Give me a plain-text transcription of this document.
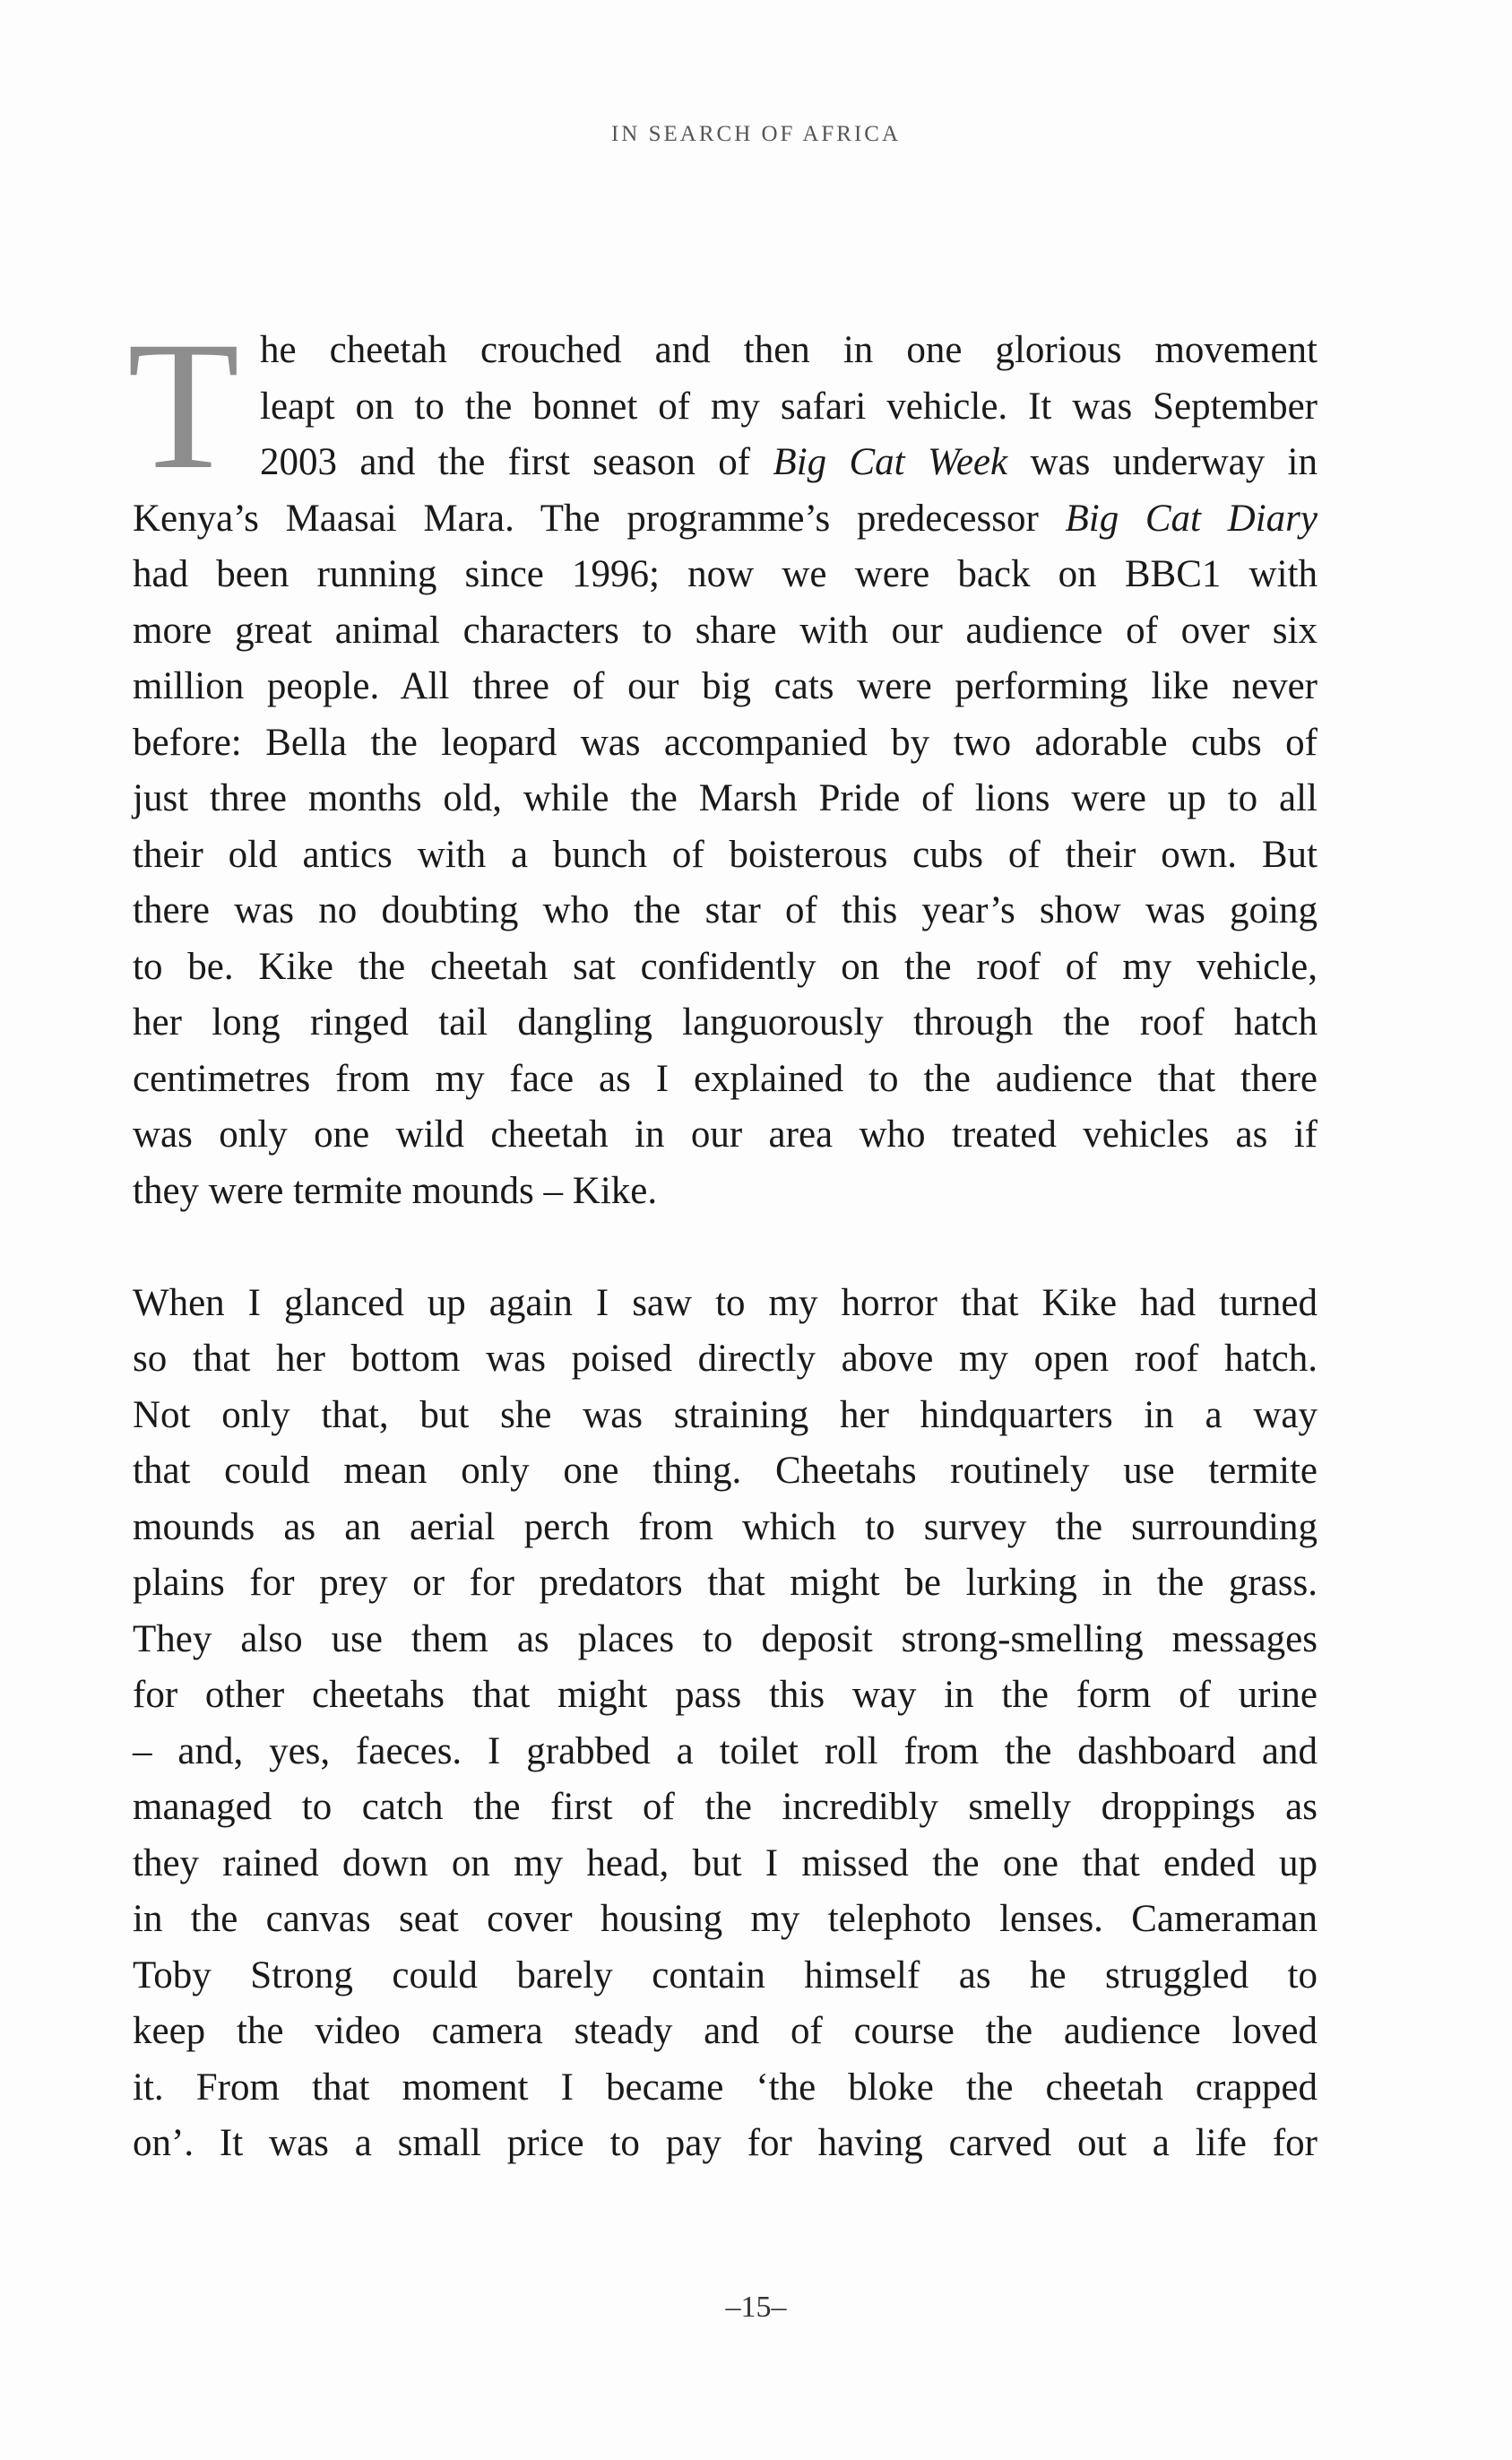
IN SEARCH OF AFRICA
T he cheetah crouched and then in one glorious movement
leapt on to the bonnet of my safari vehicle. It was September
2003 and the first season of Big Cat Week was underway in
Kenya’s Maasai Mara. The programme’s predecessor Big Cat Diary
had been running since 1996; now we were back on BBC1 with
more great animal characters to share with our audience of over six
million people. All three of our big cats were performing like never
before: Bella the leopard was accompanied by two adorable cubs of
just three months old, while the Marsh Pride of lions were up to all
their old antics with a bunch of boisterous cubs of their own. But
there was no doubting who the star of this year’s show was going
to be. Kike the cheetah sat confidently on the roof of my vehicle,
her long ringed tail dangling languorously through the roof hatch
centimetres from my face as I explained to the audience that there
was only one wild cheetah in our area who treated vehicles as if
they were termite mounds – Kike.
When I glanced up again I saw to my horror that Kike had turned
so that her bottom was poised directly above my open roof hatch.
Not only that, but she was straining her hindquarters in a way
that could mean only one thing. Cheetahs routinely use termite
mounds as an aerial perch from which to survey the surrounding
plains for prey or for predators that might be lurking in the grass.
They also use them as places to deposit strong-smelling messages
for other cheetahs that might pass this way in the form of urine
– and, yes, faeces. I grabbed a toilet roll from the dashboard and
managed to catch the first of the incredibly smelly droppings as
they rained down on my head, but I missed the one that ended up
in the canvas seat cover housing my telephoto lenses. Cameraman
Toby Strong could barely contain himself as he struggled to
keep the video camera steady and of course the audience loved
it. From that moment I became ‘the bloke the cheetah crapped
on’. It was a small price to pay for having carved out a life for
–15–
